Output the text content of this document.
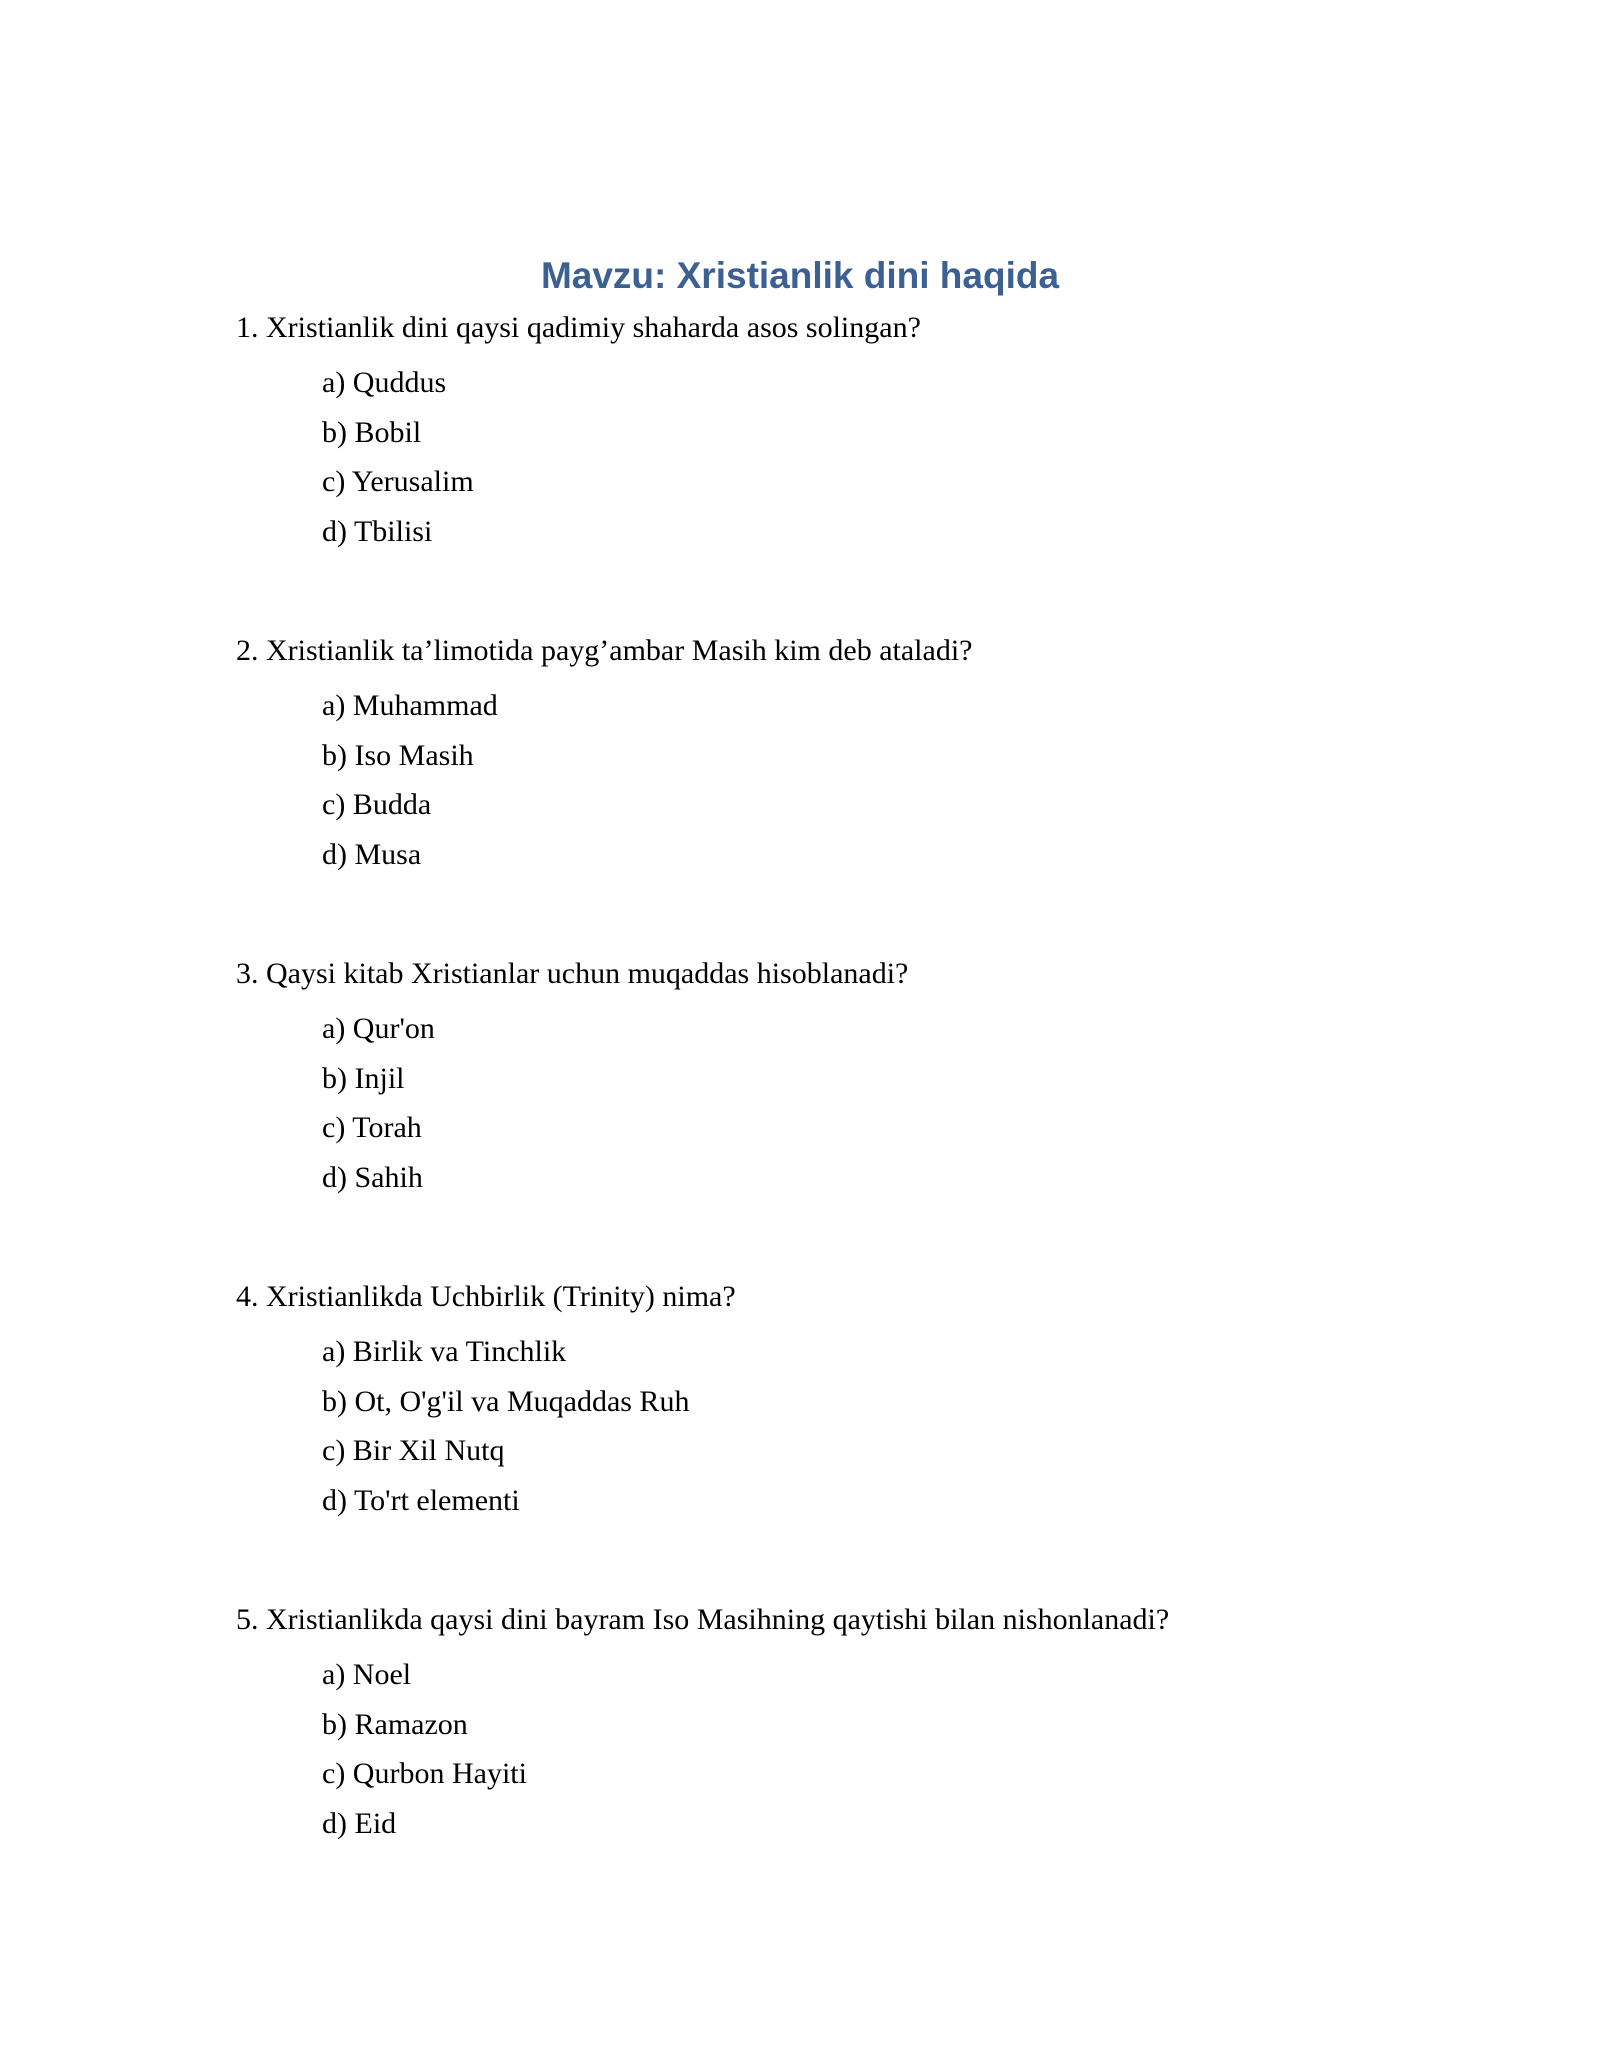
Mavzu: Xristianlik dini haqida

1. Xristianlik dini qaysi qadimiy shaharda asos solingan?

a) Quddus
b) Bobil
c) Yerusalim
d) Tbilisi

2. Xristianlik ta’limotida payg’ambar Masih kim deb ataladi?

a) Muhammad
b) Iso Masih
c) Budda
d) Musa

3. Qaysi kitab Xristianlar uchun muqaddas hisoblanadi?

a) Qur'on
b) Injil
c) Torah
d) Sahih

4. Xristianlikda Uchbirlik (Trinity) nima?

a) Birlik va Tinchlik
b) Ot, O'g'il va Muqaddas Ruh
c) Bir Xil Nutq
d) To'rt elementi

5. Xristianlikda qaysi dini bayram Iso Masihning qaytishi bilan nishonlanadi?

a) Noel
b) Ramazon
c) Qurbon Hayiti
d) Eid
